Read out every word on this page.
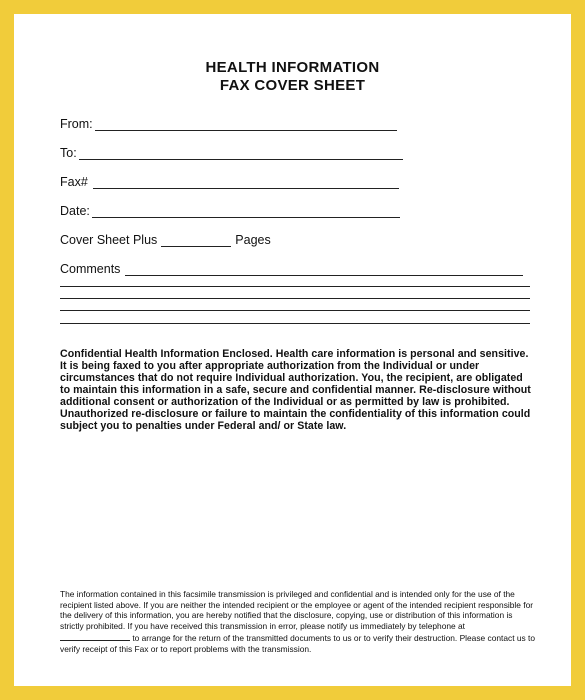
HEALTH INFORMATION
FAX COVER SHEET
From:
To:
Fax#
Date:
Cover Sheet Plus	Pages
Comments
Confidential Health Information Enclosed. Health care information is personal and sensitive. It is being faxed to you after appropriate authorization from the Individual or under circumstances that do not require Individual authorization. You, the recipient, are obligated to maintain this information in a safe, secure and confidential manner. Re-disclosure without additional consent or authorization of the Individual or as permitted by law is prohibited. Unauthorized re-disclosure or failure to maintain the confidentiality of this information could subject you to penalties under Federal and/ or State law.
The information contained in this facsimile transmission is privileged and confidential and is intended only for the use of the recipient listed above. If you are neither the intended recipient or the employee or agent of the intended recipient responsible for the delivery of this information, you are hereby notified that the disclosure, copying, use or distribution of this information is strictly prohibited. If you have received this transmission in error, please notify us immediately by telephone at  to arrange for the return of the transmitted documents to us or to verify their destruction. Please contact us to verify receipt of this Fax or to report problems with the transmission.
